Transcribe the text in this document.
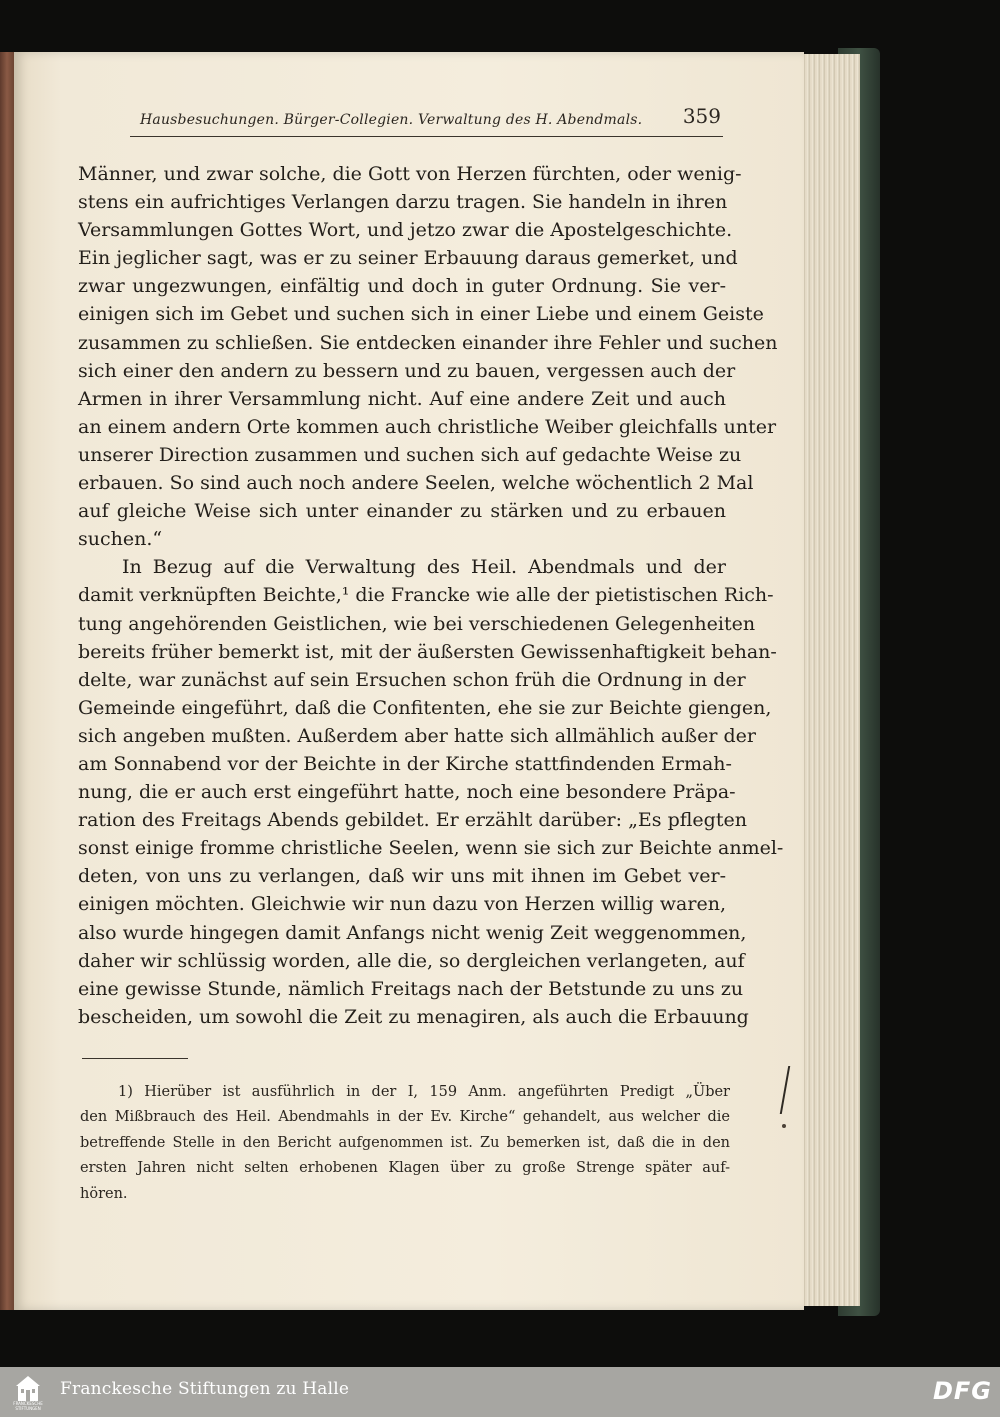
Hausbesuchungen. Bürger-Collegien. Verwaltung des H. Abendmals. 359
Männer, und zwar solche, die Gott von Herzen fürchten, oder wenig-
stens ein aufrichtiges Verlangen darzu tragen. Sie handeln in ihren
Versammlungen Gottes Wort, und jetzo zwar die Apostelgeschichte.
Ein jeglicher sagt, was er zu seiner Erbauung daraus gemerket, und
zwar ungezwungen, einfältig und doch in guter Ordnung. Sie ver-
einigen sich im Gebet und suchen sich in einer Liebe und einem Geiste
zusammen zu schließen. Sie entdecken einander ihre Fehler und suchen
sich einer den andern zu bessern und zu bauen, vergessen auch der
Armen in ihrer Versammlung nicht. Auf eine andere Zeit und auch
an einem andern Orte kommen auch christliche Weiber gleichfalls unter
unserer Direction zusammen und suchen sich auf gedachte Weise zu
erbauen. So sind auch noch andere Seelen, welche wöchentlich 2 Mal
auf gleiche Weise sich unter einander zu stärken und zu erbauen
suchen.“
In Bezug auf die Verwaltung des Heil. Abendmals und der
damit verknüpften Beichte,¹ die Francke wie alle der pietistischen Rich-
tung angehörenden Geistlichen, wie bei verschiedenen Gelegenheiten
bereits früher bemerkt ist, mit der äußersten Gewissenhaftigkeit behan-
delte, war zunächst auf sein Ersuchen schon früh die Ordnung in der
Gemeinde eingeführt, daß die Confitenten, ehe sie zur Beichte giengen,
sich angeben mußten. Außerdem aber hatte sich allmählich außer der
am Sonnabend vor der Beichte in der Kirche stattfindenden Ermah-
nung, die er auch erst eingeführt hatte, noch eine besondere Präpa-
ration des Freitags Abends gebildet. Er erzählt darüber: „Es pflegten
sonst einige fromme christliche Seelen, wenn sie sich zur Beichte anmel-
deten, von uns zu verlangen, daß wir uns mit ihnen im Gebet ver-
einigen möchten. Gleichwie wir nun dazu von Herzen willig waren,
also wurde hingegen damit Anfangs nicht wenig Zeit weggenommen,
daher wir schlüssig worden, alle die, so dergleichen verlangeten, auf
eine gewisse Stunde, nämlich Freitags nach der Betstunde zu uns zu
bescheiden, um sowohl die Zeit zu menagiren, als auch die Erbauung
1) Hierüber ist ausführlich in der I, 159 Anm. angeführten Predigt „Über
den Mißbrauch des Heil. Abendmahls in der Ev. Kirche“ gehandelt, aus welcher die
betreffende Stelle in den Bericht aufgenommen ist. Zu bemerken ist, daß die in den
ersten Jahren nicht selten erhobenen Klagen über zu große Strenge später auf-
hören.
FRANCKESCHE STIFTUNGEN
Franckesche Stiftungen zu Halle	DFG
